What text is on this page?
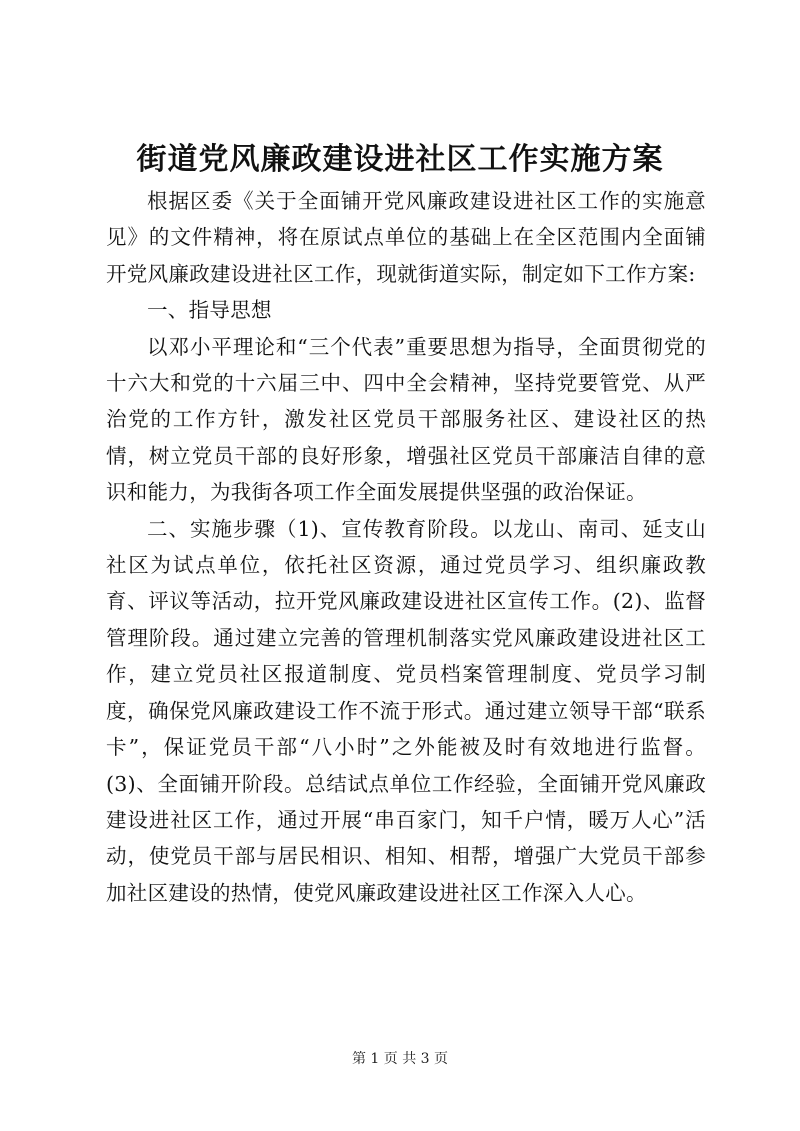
街道党风廉政建设进社区工作实施方案

根据区委《关于全面铺开党风廉政建设进社区工作的实施意见》的文件精神，将在原试点单位的基础上在全区范围内全面铺开党风廉政建设进社区工作，现就街道实际，制定如下工作方案:

一、指导思想

以邓小平理论和“三个代表”重要思想为指导，全面贯彻党的十六大和党的十六届三中、四中全会精神，坚持党要管党、从严治党的工作方针，激发社区党员干部服务社区、建设社区的热情，树立党员干部的良好形象，增强社区党员干部廉洁自律的意识和能力，为我街各项工作全面发展提供坚强的政治保证。

二、实施步骤（1)、宣传教育阶段。以龙山、南司、延支山社区为试点单位，依托社区资源，通过党员学习、组织廉政教育、评议等活动，拉开党风廉政建设进社区宣传工作。(2)、监督管理阶段。通过建立完善的管理机制落实党风廉政建设进社区工作，建立党员社区报道制度、党员档案管理制度、党员学习制度，确保党风廉政建设工作不流于形式。通过建立领导干部“联系卡”，保证党员干部“八小时”之外能被及时有效地进行监督。(3)、全面铺开阶段。总结试点单位工作经验，全面铺开党风廉政建设进社区工作，通过开展“串百家门，知千户情，暖万人心”活动，使党员干部与居民相识、相知、相帮，增强广大党员干部参加社区建设的热情，使党风廉政建设进社区工作深入人心。

第 1 页 共 3 页
